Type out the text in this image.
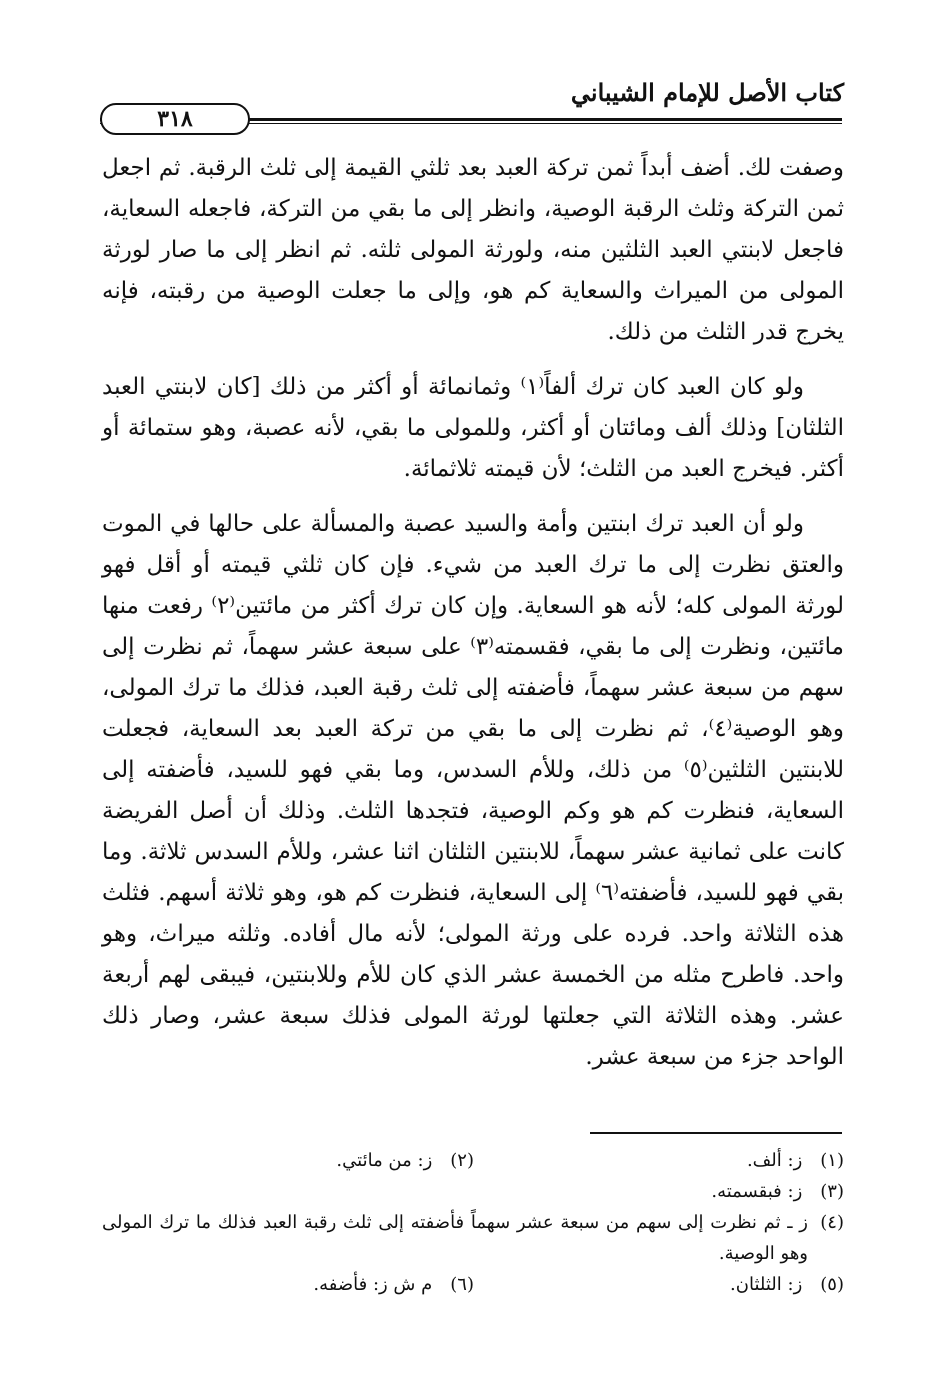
كتاب الأصل للإمام الشيباني
٣١٨

وصفت لك. أضف أبداً ثمن تركة العبد بعد ثلثي القيمة إلى ثلث الرقبة. ثم اجعل ثمن التركة وثلث الرقبة الوصية، وانظر إلى ما بقي من التركة، فاجعله السعاية، فاجعل لابنتي العبد الثلثين منه، ولورثة المولى ثلثه. ثم انظر إلى ما صار لورثة المولى من الميراث والسعاية كم هو، وإلى ما جعلت الوصية من رقبته، فإنه يخرج قدر الثلث من ذلك.

ولو كان العبد كان ترك ألفاً⁽١⁾ وثمانمائة أو أكثر من ذلك [كان لابنتي العبد الثلثان] وذلك ألف ومائتان أو أكثر، وللمولى ما بقي، لأنه عصبة، وهو ستمائة أو أكثر. فيخرج العبد من الثلث؛ لأن قيمته ثلاثمائة.

ولو أن العبد ترك ابنتين وأمة والسيد عصبة والمسألة على حالها في الموت والعتق نظرت إلى ما ترك العبد من شيء. فإن كان ثلثي قيمته أو أقل فهو لورثة المولى كله؛ لأنه هو السعاية. وإن كان ترك أكثر من مائتين⁽٢⁾ رفعت منها مائتين، ونظرت إلى ما بقي، فقسمته⁽٣⁾ على سبعة عشر سهماً، ثم نظرت إلى سهم من سبعة عشر سهماً، فأضفته إلى ثلث رقبة العبد، فذلك ما ترك المولى، وهو الوصية⁽٤⁾، ثم نظرت إلى ما بقي من تركة العبد بعد السعاية، فجعلت للابنتين الثلثين⁽٥⁾ من ذلك، وللأم السدس، وما بقي فهو للسيد، فأضفته إلى السعاية، فنظرت كم هو وكم الوصية، فتجدها الثلث. وذلك أن أصل الفريضة كانت على ثمانية عشر سهماً، للابنتين الثلثان اثنا عشر، وللأم السدس ثلاثة. وما بقي فهو للسيد، فأضفته⁽٦⁾ إلى السعاية، فنظرت كم هو، وهو ثلاثة أسهم. فثلث هذه الثلاثة واحد. فرده على ورثة المولى؛ لأنه مال أفاده. وثلثه ميراث، وهو واحد. فاطرح مثله من الخمسة عشر الذي كان للأم وللابنتين، فيبقى لهم أربعة عشر. وهذه الثلاثة التي جعلتها لورثة المولى فذلك سبعة عشر، وصار ذلك الواحد جزء من سبعة عشر.

(١) ز: ألف.
(٢) ز: من مائتي.
(٣) ز: فبقسمته.
(٤)
ز ـ ثم نظرت إلى سهم من سبعة عشر سهماً فأضفته إلى ثلث رقبة العبد فذلك ما ترك المولى وهو الوصية.
(٥) ز: الثلثان.
(٦) م ش ز: فأضفه.
